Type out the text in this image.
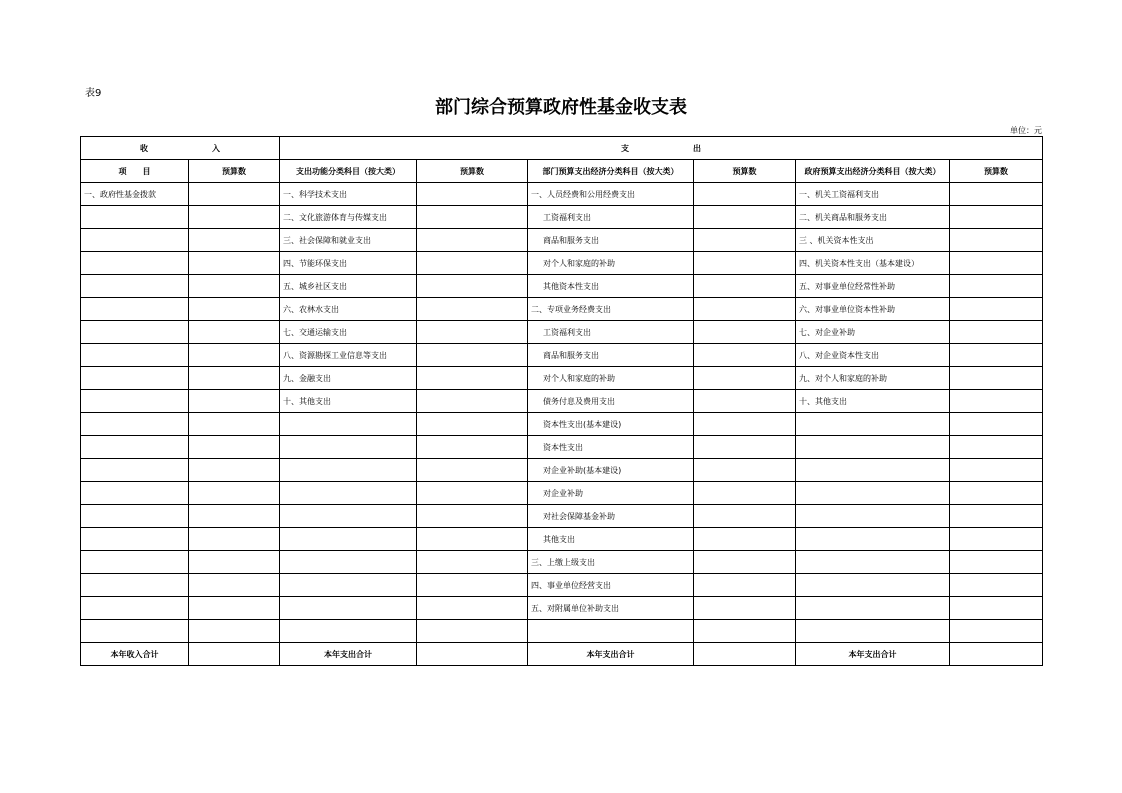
表9
部门综合预算政府性基金收支表
单位：元
收　　　　　　　　入		支　　　　　　　　出					
项　　目	预算数	支出功能分类科目（按大类）	预算数	部门预算支出经济分类科目（按大类）	预算数	政府预算支出经济分类科目（按大类）	预算数
一、政府性基金拨款		一、科学技术支出		一、人员经费和公用经费支出		一、机关工资福利支出	
		二、文化旅游体育与传媒支出		工资福利支出		二、机关商品和服务支出	
		三、社会保障和就业支出		商品和服务支出		三 、机关资本性支出	
		四、节能环保支出		对个人和家庭的补助		四、机关资本性支出（基本建设）	
		五、城乡社区支出		其他资本性支出		五、对事业单位经常性补助	
		六、农林水支出		二、专项业务经费支出		六、对事业单位资本性补助	
		七、交通运输支出		工资福利支出		七、对企业补助	
		八、资源勘探工业信息等支出		商品和服务支出		八、对企业资本性支出	
		九、金融支出		对个人和家庭的补助		九、对个人和家庭的补助	
		十、其他支出		债务付息及费用支出		十、其他支出	
				资本性支出(基本建设)			
				资本性支出			
				对企业补助(基本建设)			
				对企业补助			
				对社会保障基金补助			
				其他支出			
				三、上缴上级支出			
				四、事业单位经营支出			
				五、对附属单位补助支出			

本年收入合计		本年支出合计		本年支出合计		本年支出合计	
